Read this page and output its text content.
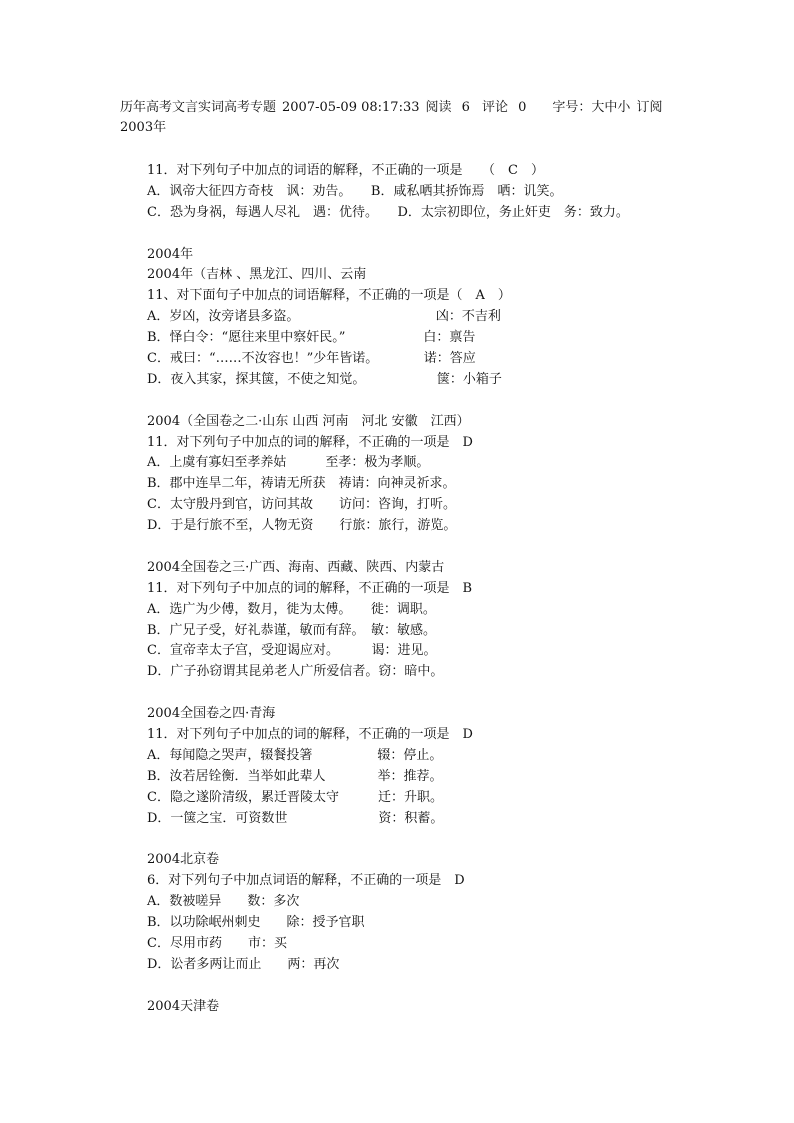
历年高考文言实词高考专题 2007-05-09 08:17:33 阅读 6 评论 0 字号：大中小 订阅
2003年
11．对下列句子中加点的词语的解释，不正确的一项是　　（　C　）
A．讽帝大征四方奇枝　讽：劝告。　　B．咸私哂其挢饰焉　哂：讥笑。
C．恐为身祸，每遇人尽礼　遇：优待。　　D．太宗初即位，务止奸吏　务：致力。
2004年
2004年（吉林 、黑龙江、四川、云南
11、对下面句子中加点的词语解释，不正确的一项是（　A　）
A．岁凶，汝旁诸县多盗。　　　　　　　　　　　凶：不吉利
B．怿白令：“愿往来里中察奸民。”　　　　　　白：禀告
C．戒曰：“……不汝容也！”少年皆诺。　　　　诺：答应
D．夜入其家，探其箧，不使之知觉。　　　　　　箧：小箱子
2004（全国卷之二·山东 山西 河南　河北 安徽　江西）
11．对下列句子中加点的词的解释，不正确的一项是　D
A．上虞有寡妇至孝养姑　　　至孝：极为孝顺。
B．郡中连旱二年，祷请无所获　祷请：向神灵祈求。
C．太守殷丹到官，访问其故　　访问：咨询，打听。
D．于是行旅不至，人物无资　　行旅：旅行，游览。
2004全国卷之三·广西、海南、西藏、陕西、内蒙古
11．对下列句子中加点的词的解释，不正确的一项是　B
A．选广为少傅，数月，徙为太傅。　　徙：调职。
B．广兄子受，好礼恭谨，敏而有辞。　敏：敏感。
C．宣帝幸太子宫，受迎谒应对。　　　谒：进见。
D．广子孙窃谓其昆弟老人广所爱信者。窃：暗中。
2004全国卷之四·青海
11．对下列句子中加点的词的解释，不正确的一项是　D
A．每闻隐之哭声，辍餐投箸　　　　　辍：停止。
B．汝若居铨衡．当举如此辈人　　　　举：推荐。
C．隐之遂阶清级，累迁晋陵太守　　　迁：升职。
D．一箧之宝．可资数世　　　　　　　资：积蓄。
2004北京卷
6．对下列句子中加点词语的解释，不正确的一项是　D
A．数被嗟异　　数：多次
B．以功除岷州刺史　　除：授予官职
C．尽用市药　　市：买
D．讼者多两让而止　　两：再次
2004天津卷
